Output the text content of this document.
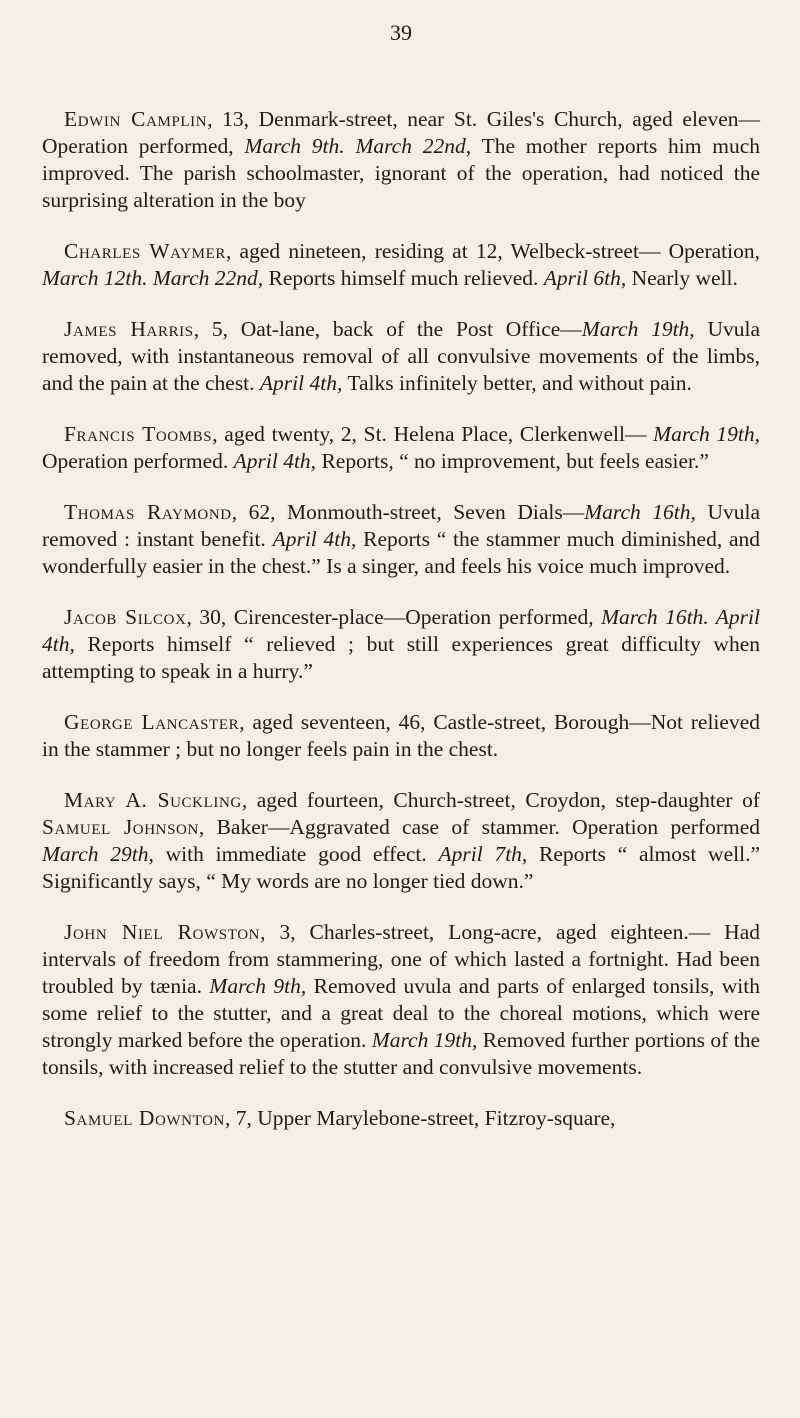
39

Edwin Camplin, 13, Denmark-street, near St. Giles's Church, aged eleven—Operation performed, March 9th. March 22nd, The mother reports him much improved. The parish schoolmaster, ignorant of the operation, had noticed the surprising alteration in the boy

Charles Waymer, aged nineteen, residing at 12, Welbeck-street— Operation, March 12th. March 22nd, Reports himself much relieved. April 6th, Nearly well.

James Harris, 5, Oat-lane, back of the Post Office—March 19th, Uvula removed, with instantaneous removal of all convulsive movements of the limbs, and the pain at the chest. April 4th, Talks infinitely better, and without pain.

Francis Toombs, aged twenty, 2, St. Helena Place, Clerkenwell— March 19th, Operation performed. April 4th, Reports, “ no improvement, but feels easier.”

Thomas Raymond, 62, Monmouth-street, Seven Dials—March 16th, Uvula removed : instant benefit. April 4th, Reports “ the stammer much diminished, and wonderfully easier in the chest.” Is a singer, and feels his voice much improved.

Jacob Silcox, 30, Cirencester-place—Operation performed, March 16th. April 4th, Reports himself “ relieved ; but still experiences great difficulty when attempting to speak in a hurry.”

George Lancaster, aged seventeen, 46, Castle-street, Borough—Not relieved in the stammer ; but no longer feels pain in the chest.

Mary A. Suckling, aged fourteen, Church-street, Croydon, step-daughter of Samuel Johnson, Baker—Aggravated case of stammer. Operation performed March 29th, with immediate good effect. April 7th, Reports “ almost well.” Significantly says, “ My words are no longer tied down.”

John Niel Rowston, 3, Charles-street, Long-acre, aged eighteen.— Had intervals of freedom from stammering, one of which lasted a fortnight. Had been troubled by tænia. March 9th, Removed uvula and parts of enlarged tonsils, with some relief to the stutter, and a great deal to the choreal motions, which were strongly marked before the operation. March 19th, Removed further portions of the tonsils, with increased relief to the stutter and convulsive movements.

Samuel Downton, 7, Upper Marylebone-street, Fitzroy-square,
